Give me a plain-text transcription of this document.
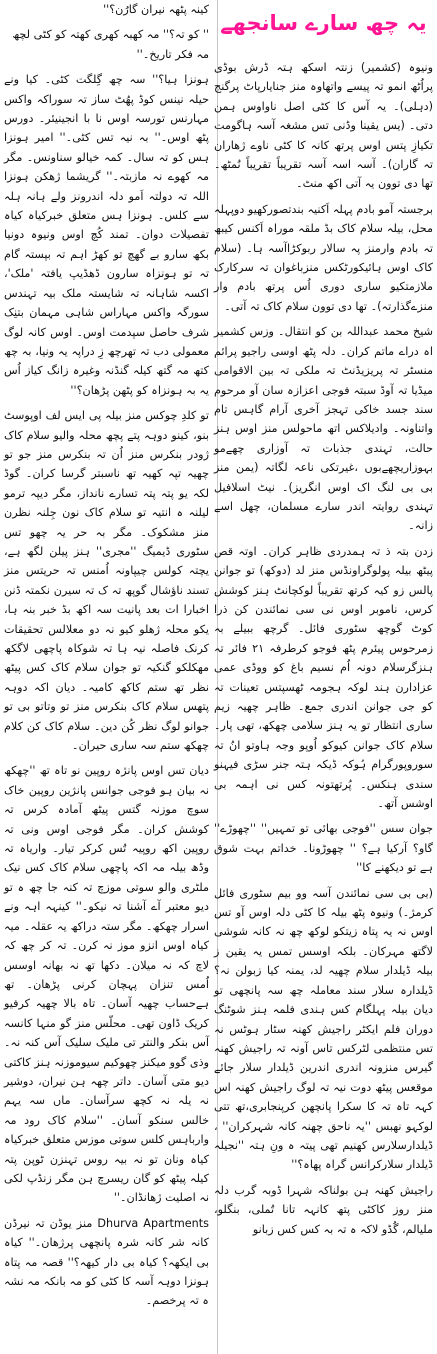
یہ چھ سارے سانجھے

ونیوہ (کشمیر) زنتہ اسکھ ہتہ ڈرش بوڈی پراُٹھ انمو تہ پیسے واتھاوہ منز جنایارپاٹ پرگنج (دہلی)۔ یہ آس کا کٹی اصل ناواوس ہمن دتی۔ (یس یقینا وڈنی تس مشغہ آسہ ہاگومت تکیازِ پتس اوس پرتھ کانہ کا کٹی ناوے ژھاران تہ گاران)۔ آسہ اسہ آسہ تقریباً تقریباً نُمٹھ۔ تھا دی توون یہ آتی اکھ منٹ۔

برجستہ آمو بادم پہلہ اَکنیہ بندتصورکھیو دوپہلہ محل، بیلہ سلام کاک بڈ ملقہ موراہ اَکنس کیبھ تہ بادم وارمنز پہ سالار ربوکڑاآسہ ہا۔ (سلام کاک اوس ہائیکورٹکس منزباغوان تہ سرکارک ملازمتکیو ساری دوری اُس پرتھ بادم وار منزےگذارتہ)۔ تھا دی توون سلام کاک تہ آتی۔

شیخ محمد عبداللہ بن کو انتقال۔ وزس کشمیر اہ دراے ماتم کران۔ دلہ پٹھ اوسی راجیو پرائم منسٹر تہ پریزیڈنٹ تہ ملکی تہ بین الاقوامی میڈیا تہ آوڈ سبتہ فوجی اعزازہ سان آو مرحوم سند جسد خاکی تہجز آخری آرام گاہس تام واتناونہ۔ وادیلاکس اتھ ماحولس منز اوس ہنز حالت، تہندی جذبات تہ آوزاری چھےمو بہوزاریچھےبوں ،غیرتکی ناعہ لگاتہ (یمن منز بی بی لنگ اک اوس انگریز)۔ نیٹ اسلافیل تہندی روایتہ اندر سارے مسلمان، چھل اسے زانہ۔

زدن بتہ ذ تہ ہمدردی ظاہر کران۔ اوتہ قص پیٹھ بیلہ پولوگراونڈس منز لد (دوکھ) تو جوانن پالس زو کیہ کرتھ تقریباً لوکچانٹ ہنز کوشش کرس، ناموبر اوس نی سی نمائندن کن ذرا کوٹ گوچھ سٹوری فائل۔ گرچھ ببیلے بہ زمرحوس پیئرم پٹھ فوجو کرطرفہ ۲۱ فائر تہ ہنزگرسلام دونہ اُم نسیم باغ کو ووڈی عمی عزادارن ہند لوکہ ہجومہ ٹھسپتس تعینات تہ کو جی جوانن اندری جمع۔ ظاہر چھیہ زیم ساری انتظار تو یہ ہنز سلامی چھکھ، تھی پار۔ سلام کاک جوانن کیوکو اُوپو وجہ ہاوتو انُ تہ سوروپورگرام ہُوکہ ڈیکہ ہتہ جنر سڑی فیہنو سندی ہنکس۔ پُرتھتونہ کس نی اہمہ بی اوشس آتھ۔

جوان سس ''فوجی بھائی تو تمہیں'' ''چھوڑے'' گاو؟ آرکیا ہے؟ '' چھوڑونا۔ خداتم بہت شوق ہے تو دیکھنے کا''

(بی بی سی نمائندن آسہ وو بیم سٹوری فائل کرمژ۔) ونیوہ پٹھ بیلہ کا کٹی دلہ اوس آو تس اوس نہ یہ پتاہ زیتکو لوکھ چھ نہ کانہ شوشی لاگتھ مہرکان۔ بلکہ اوسس تمس یہ یقین ز بیلہ ڈیلدار سلام چھیہ لد، یمنہ کیا زبولن نہ؟ ڈیلدارہ سلار سند معاملہ چھ سہ پانچھی تو دیان بیلہ پہلگام کس ہندی فلمہ ہنز شوٹنگ دوران فلم ایکٹر راجیش کھنہ سٹار ہوٹس نہ تس منتظمی لٹرکس تاس آونہ تہ راجیش کھنہ گیرس منزونہ اندری اندرین ڈیلدار سلار جائے موقعس پیٹھ دوت نیہ تہ لوگ راجیش کھنہ اس کہہ تاہ تہ کا سکرا پانچھن کرپنجابری،تھ تتی لوکہو نھبس ''یہ ناحق چھنہ کانہ شہرکران'' ، ڈیلدارسلارس کھنیم تھی پیتہ ہ ونِ ہتہ ''نجیلہ ڈیلدار سلارکرانس گراہ پھاہ؟''

راجیش کھنہ ہن بولناکہ شہرا ڈوبہ گرب دلہ منز روز کاکٹی پتھ کانہہ تانا تُملی، بنگلو، ملیالم، گُڈو لاکہ ہ تہ بہ کس کس زبانو

کینہ پٹھہ نیران گارُن؟''

'' کو تہ؟'' مہ کھبہ کھری کھتہ کو کٹی لچھ مہ فکر تاریخ۔''

ہونزا ہیا؟'' سہ چھ گِلگت کٹی۔ کیا ونے حیلہ نینس کوڈ پھُٹ ساز تہ سوراکہ واکس مہارنس تورسہ اوس نا با انجینیئر۔ دورس پٹھ اوس۔'' بہ نیہ تس کٹی۔'' امیر ہونزا ہس کو تہ سال۔ کمہ خیالو سناونس۔ مگر مہ کھوے نہ مازبتہ۔'' گریشما ژھکن ہونزا اللہ تہ دولتہ اَمو دلہ اندرونز ولے ہانہ ہلہ سے کلس۔ ہونزا ہس متعلق خبرکیاہ کیاہ تفصیلات دوان۔ تمند کُچ اوس ونیوہ دونیا بکھ سارو بے گھچ تو کھڑ اہم تہ بپستہ گام تہ تو ہونزاہ سارون ڈھڈیپ یافتہ 'ملک'، اکسہ شاہانہ تہ شایستہ ملک بیہ تہندس سورگہ واکس مہاراس شاہی مہمان بتنِک شرف حاصل سپدمت اوس۔ اوس کانہ لوگ معمولی دب تہ تھرچھ زِ دراپہ یہ ونیا، بہ چھ کتھ مہ گتھ کیلہ گنڈنہ وغیرہ زانگ کیاز اُس یہ بہ ہونزاہ کو پٹھن پڑھان؟''

تو کلدِ چوکس منز بیلہ پی ایس لف اوپوسٹ بنو، کینو دوہہ پتے پچھ محلہ والیو سلام کاک ژودر بنکرس منز اُن تہ بنکرس منز جو تو چھیہ تپہ کھیہ تھ ناسبتر گرسا کران۔ گوڈ لکہ یو پتہ پتہ تسارے نانداز، مگر دیپہ ترمو لیلنہ ہ انتیہ تو سلام کاک نون جِلنہ نظرن منز مشکوک۔ مگر بہ حر یہ چھو تس سٹوری ڈیمیگ ''مجری'' ہنز پیلن لگھ ہے، یچتہ کولس چیپاونہ اُمنس تہ حریتس منز تسند ناؤشال گوپھ تہ ک تہ سیرن نکمتہ ڈنن اخبارا ات بعد پانیت سہ اکھ بڈ خبر بنہ ہا، یکو محلہ ژھلو کیو نہ دو معلالس تحقیقات کرنک فاصلہ نیہ ہا تہ شوکاہ پاچھی لاگکھ مھکلکو گنکیہ تو جوان سلام کاک کس پیٹھ نظر تھ ستم کاکھ کامیہ۔ دیان اکہ دوہہ پتھس سلام کاک بنکرس منز تو وتاتو بی تو جوانو لوگ نظر کُن دین۔ سلام کاک کن کلام چھکھ ستم سہ ساری حیران۔

دیان تس اوس پانژہ روپین نو تاہ تھ ''چھکھ نہ بیان ہو فوجی جوانس پانژین روپین خاک سوچ موزنہ گتس پیٹھ آمادہ کرس تہ کوشش کران۔ مگر فوجی اوس ونی تہ روپین اکھ روپیہ تُس کرکر تیار۔ واریاہ تہ وڈھ بیلہ مہ اکہ پاچھی سلام کاک کس نیک ملٹری والو سوتی موزچ تہ کنہ جا چھ ہ تو دیو معتبر آے آشنا تہ نیکو۔'' کینہہ اہہ ونے اسرار چھکھ۔ مگر ستہ دراکھ یہ عقلہ۔ میہ کیاہ اوس انزو موز نہ کرن۔ تہ کر چھ کہ لاچ کہ نہ میلان۔ دکھا تھ نہ بھانہ اوسس اُمس تنزان پہچان کرنی پڑھان۔ تھ ہےحساب چھیہ آسان۔ تاہ بالا چھیہ کرفیو کریک ڈاون تھی۔ محلّس منز گو منہا کانسہ آس بنکر والنتر تی ملیک سلیک آس کنہ نہ۔ وذی گوو میکنز چھوکیم سیوموزنہ ہنز کاکتی دیو متی آسان۔ داتر چھہ ہن نیران، دوشیر نہ یلہ نہ کچھ سرآسان۔ ماں سہ یہم خالس سنکو آسان۔ ''سلام کاک رود مہ وارباہس کلس سوتی موزس متعلق خبرکیاہ کیاہ ونان تو نہ بیہ روس تہنزن ٹوپن پتہ کیلہ پیٹھ کو گان ریسرچ ہن مگر زنڈپ لکی نہ اصلیت ژھانڈان۔''

Dhurva Apartments منز یوڈن تہ نیرڈن کانہ شر کانہ شرہ پانچھی پرژھان۔'' کیاہ بی ایکھہ؟ کیاہ بی دار کیھہ؟'' قصہ مہ پتاہ ہونزا دوہہ آسہ کا کٹی کو مہ بانکہ مہ نشہ ہ تہ پرخصم۔
